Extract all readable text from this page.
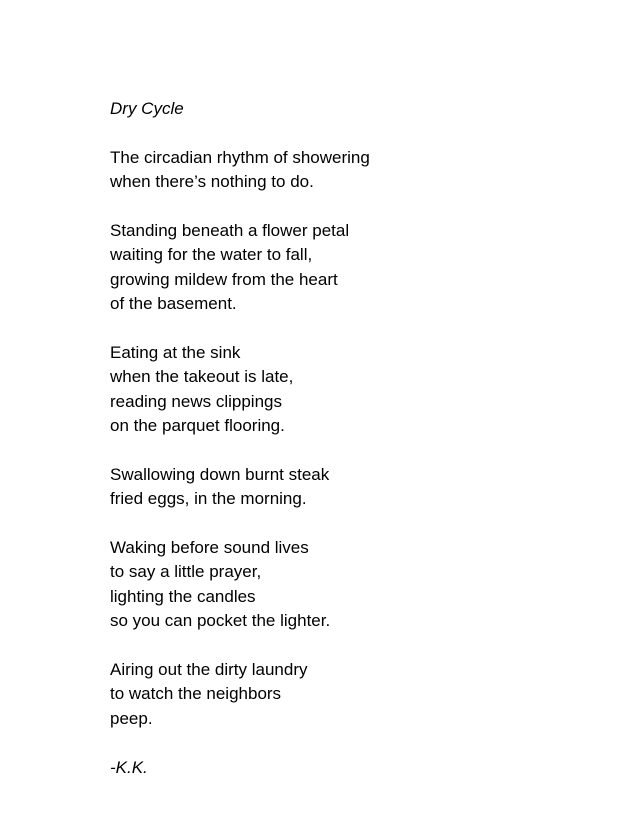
Dry Cycle

The circadian rhythm of showering
when there’s nothing to do.
Standing beneath a flower petal
waiting for the water to fall,
growing mildew from the heart
of the basement.
Eating at the sink
when the takeout is late,
reading news clippings
on the parquet flooring.
Swallowing down burnt steak
fried eggs, in the morning.
Waking before sound lives
to say a little prayer,
lighting the candles
so you can pocket the lighter.
Airing out the dirty laundry
to watch the neighbors
peep.

-K.K.
